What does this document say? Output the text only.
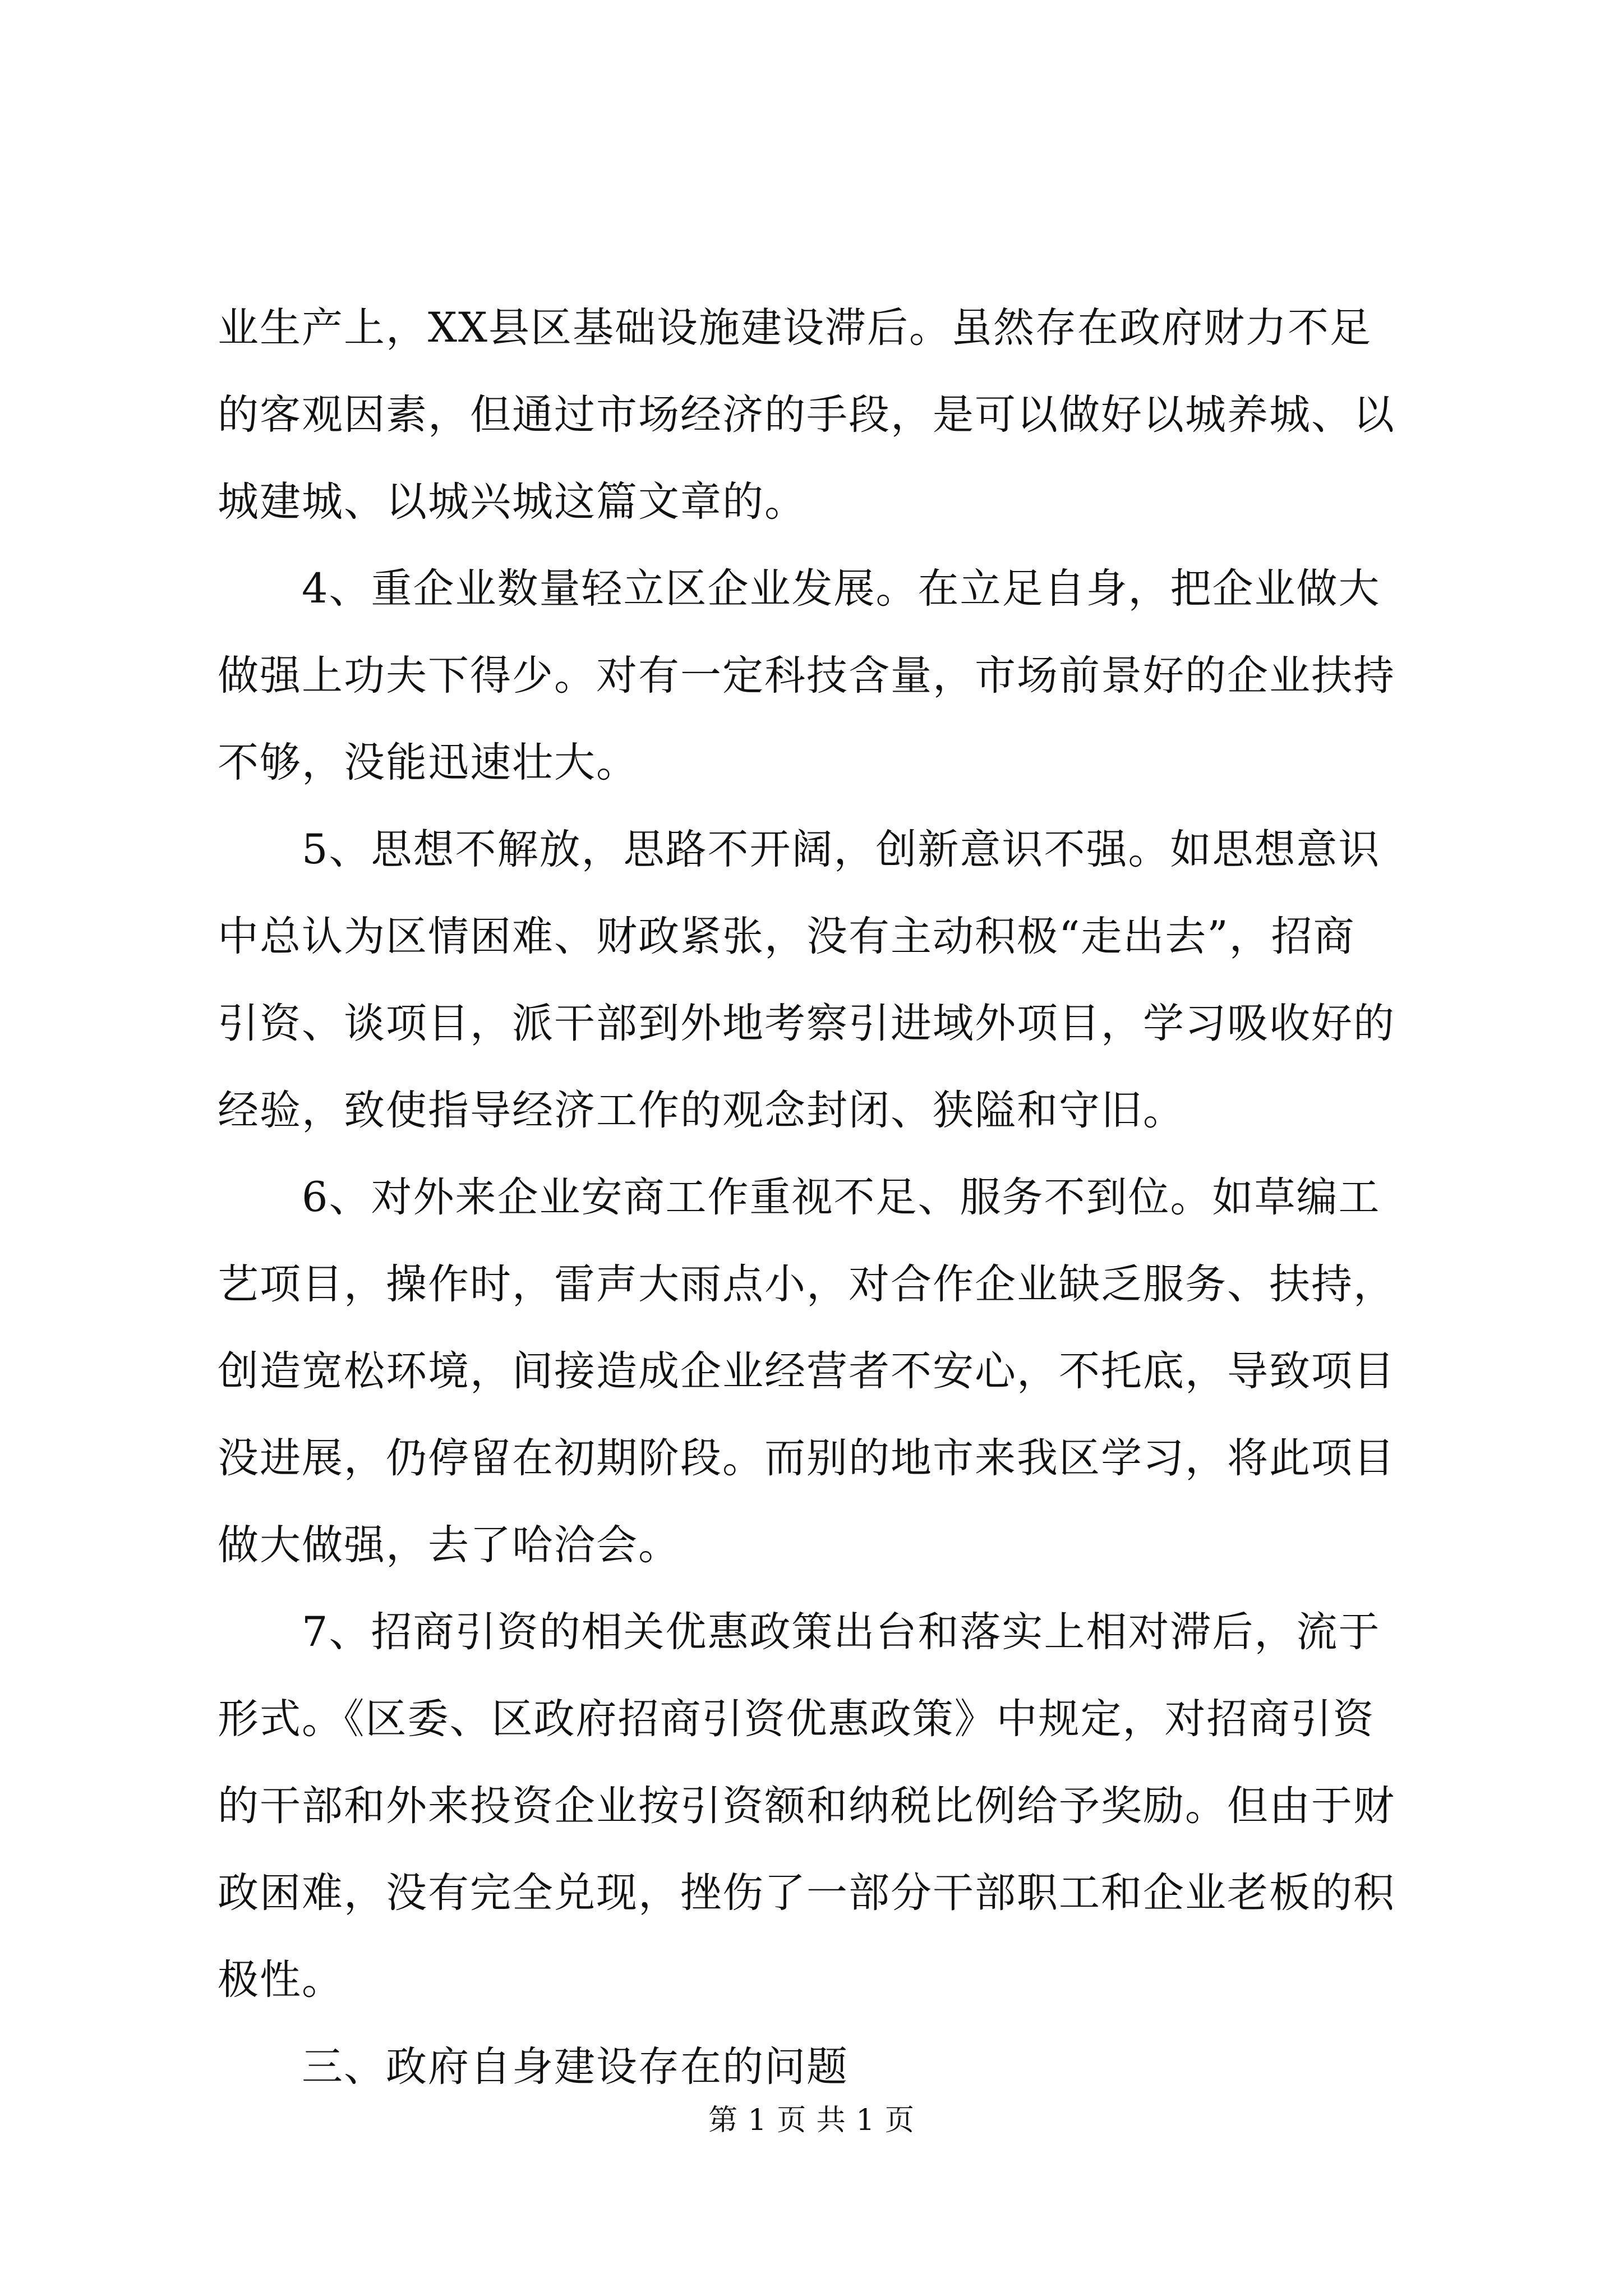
业生产上，XX县区基础设施建设滞后。虽然存在政府财力不足
的客观因素，但通过市场经济的手段，是可以做好以城养城、以
城建城、以城兴城这篇文章的。
4、重企业数量轻立区企业发展。在立足自身，把企业做大
做强上功夫下得少。对有一定科技含量，市场前景好的企业扶持
不够，没能迅速壮大。
5、思想不解放，思路不开阔，创新意识不强。如思想意识
中总认为区情困难、财政紧张，没有主动积极“走出去”，招商
引资、谈项目，派干部到外地考察引进域外项目，学习吸收好的
经验，致使指导经济工作的观念封闭、狭隘和守旧。
6、对外来企业安商工作重视不足、服务不到位。如草编工
艺项目，操作时，雷声大雨点小，对合作企业缺乏服务、扶持，
创造宽松环境，间接造成企业经营者不安心，不托底，导致项目
没进展，仍停留在初期阶段。而别的地市来我区学习，将此项目
做大做强，去了哈洽会。
7、招商引资的相关优惠政策出台和落实上相对滞后，流于
形式。《区委、区政府招商引资优惠政策》中规定，对招商引资
的干部和外来投资企业按引资额和纳税比例给予奖励。但由于财
政困难，没有完全兑现，挫伤了一部分干部职工和企业老板的积
极性。
三、政府自身建设存在的问题
第 1 页 共 1 页
